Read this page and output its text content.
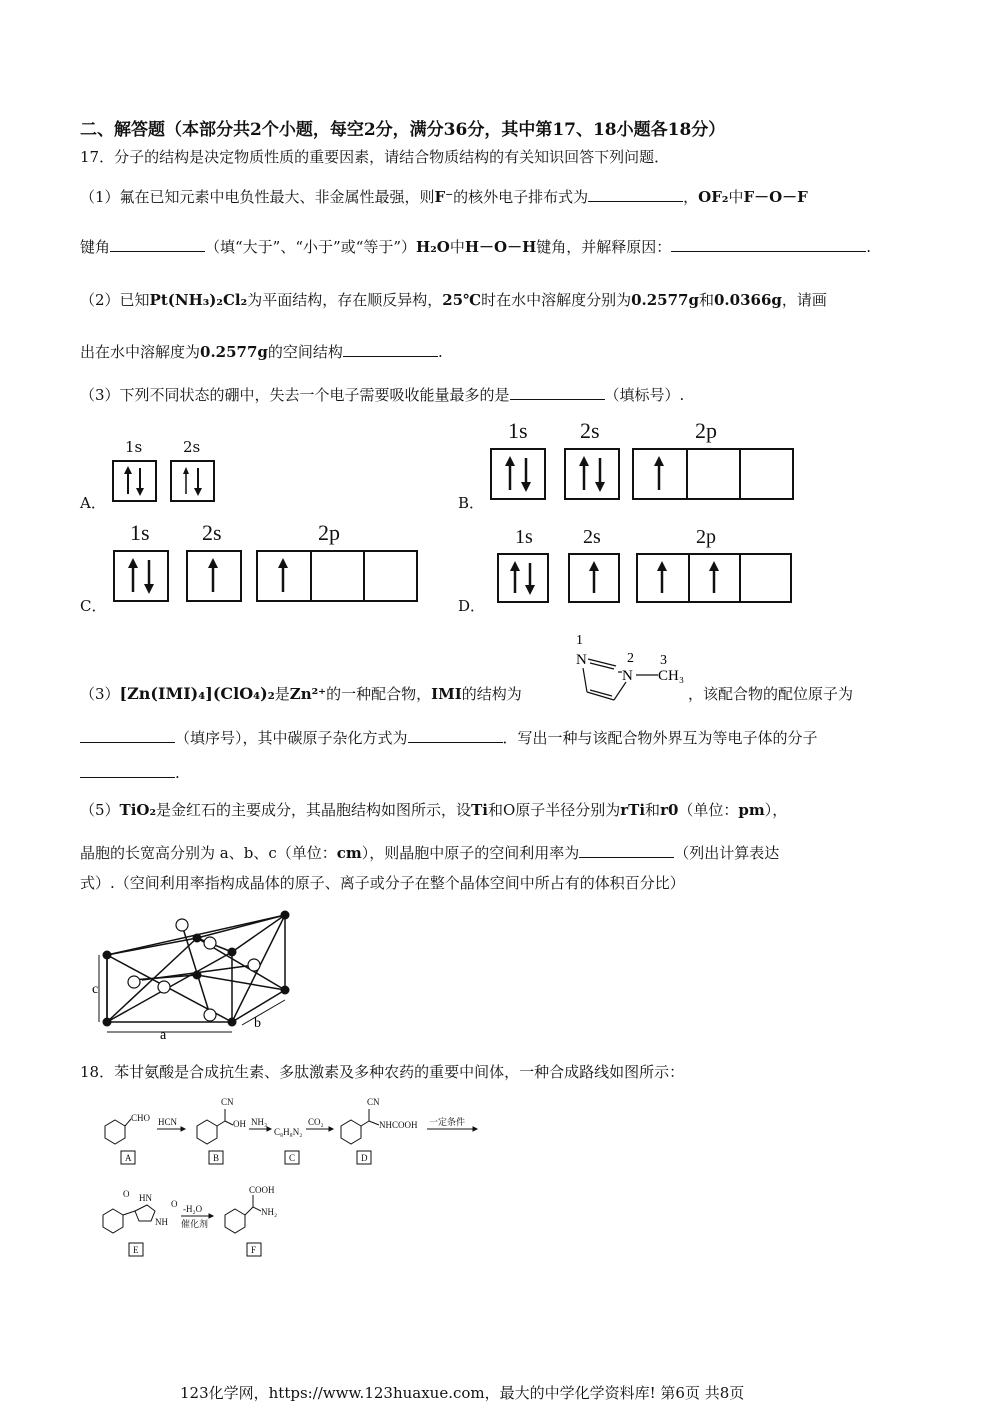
二、解答题（本部分共2个小题，每空2分，满分36分，其中第17、18小题各18分）
17．分子的结构是决定物质性质的重要因素，请结合物质结构的有关知识回答下列问题．
（1）氟在已知元素中电负性最大、非金属性最强，则F⁻的核外电子排布式为	，OF₂中F－O－F
键角	（填“大于”、“小于”或“等于”）H₂O中H－O－H键角，并解释原因：	.
（2）已知Pt(NH₃)₂Cl₂为平面结构，存在顺反异构，25℃时在水中溶解度分别为0.2577g和0.0366g，请画
出在水中溶解度为0.2577g的空间结构	.
（3）下列不同状态的硼中，失去一个电子需要吸收能量最多的是	（填标号）.
A．
1s	2s
B．
1s 2s	2p
C．
1s 2s	2p
D．
1s	2s	2p
1
N	2
N
3
CH₃
（3）[Zn(IMI)₄](ClO₄)₂是Zn²⁺的一种配合物，IMI的结构为	，该配合物的配位原子为
（填序号），其中碳原子杂化方式为	．写出一种与该配合物外界互为等电子体的分子
.
（5）TiO₂是金红石的主要成分，其晶胞结构如图所示，设Ti和O原子半径分别为rTi和r0（单位：pm），
晶胞的长宽高分别为 a、b、c（单位：cm），则晶胞中原子的空间利用率为	（列出计算表达
式）.（空间利用率指构成晶体的原子、离子或分子在整个晶体空间中所占有的体积百分比）
c
a
b
18．苯甘氨酸是合成抗生素、多肽激素及多种农药的重要中间体，一种合成路线如图所示：
CHO HCN
CN
OH NH₃
C₈H₈N₂
CO₂
CN
NHCOOH 一定条件
O HN
O
NH
-H₂O
催化剂
COOH
NH₂
A	B	C	D
E	F
123化学网，https://www.123huaxue.com，最大的中学化学资料库! 第6页 共8页
